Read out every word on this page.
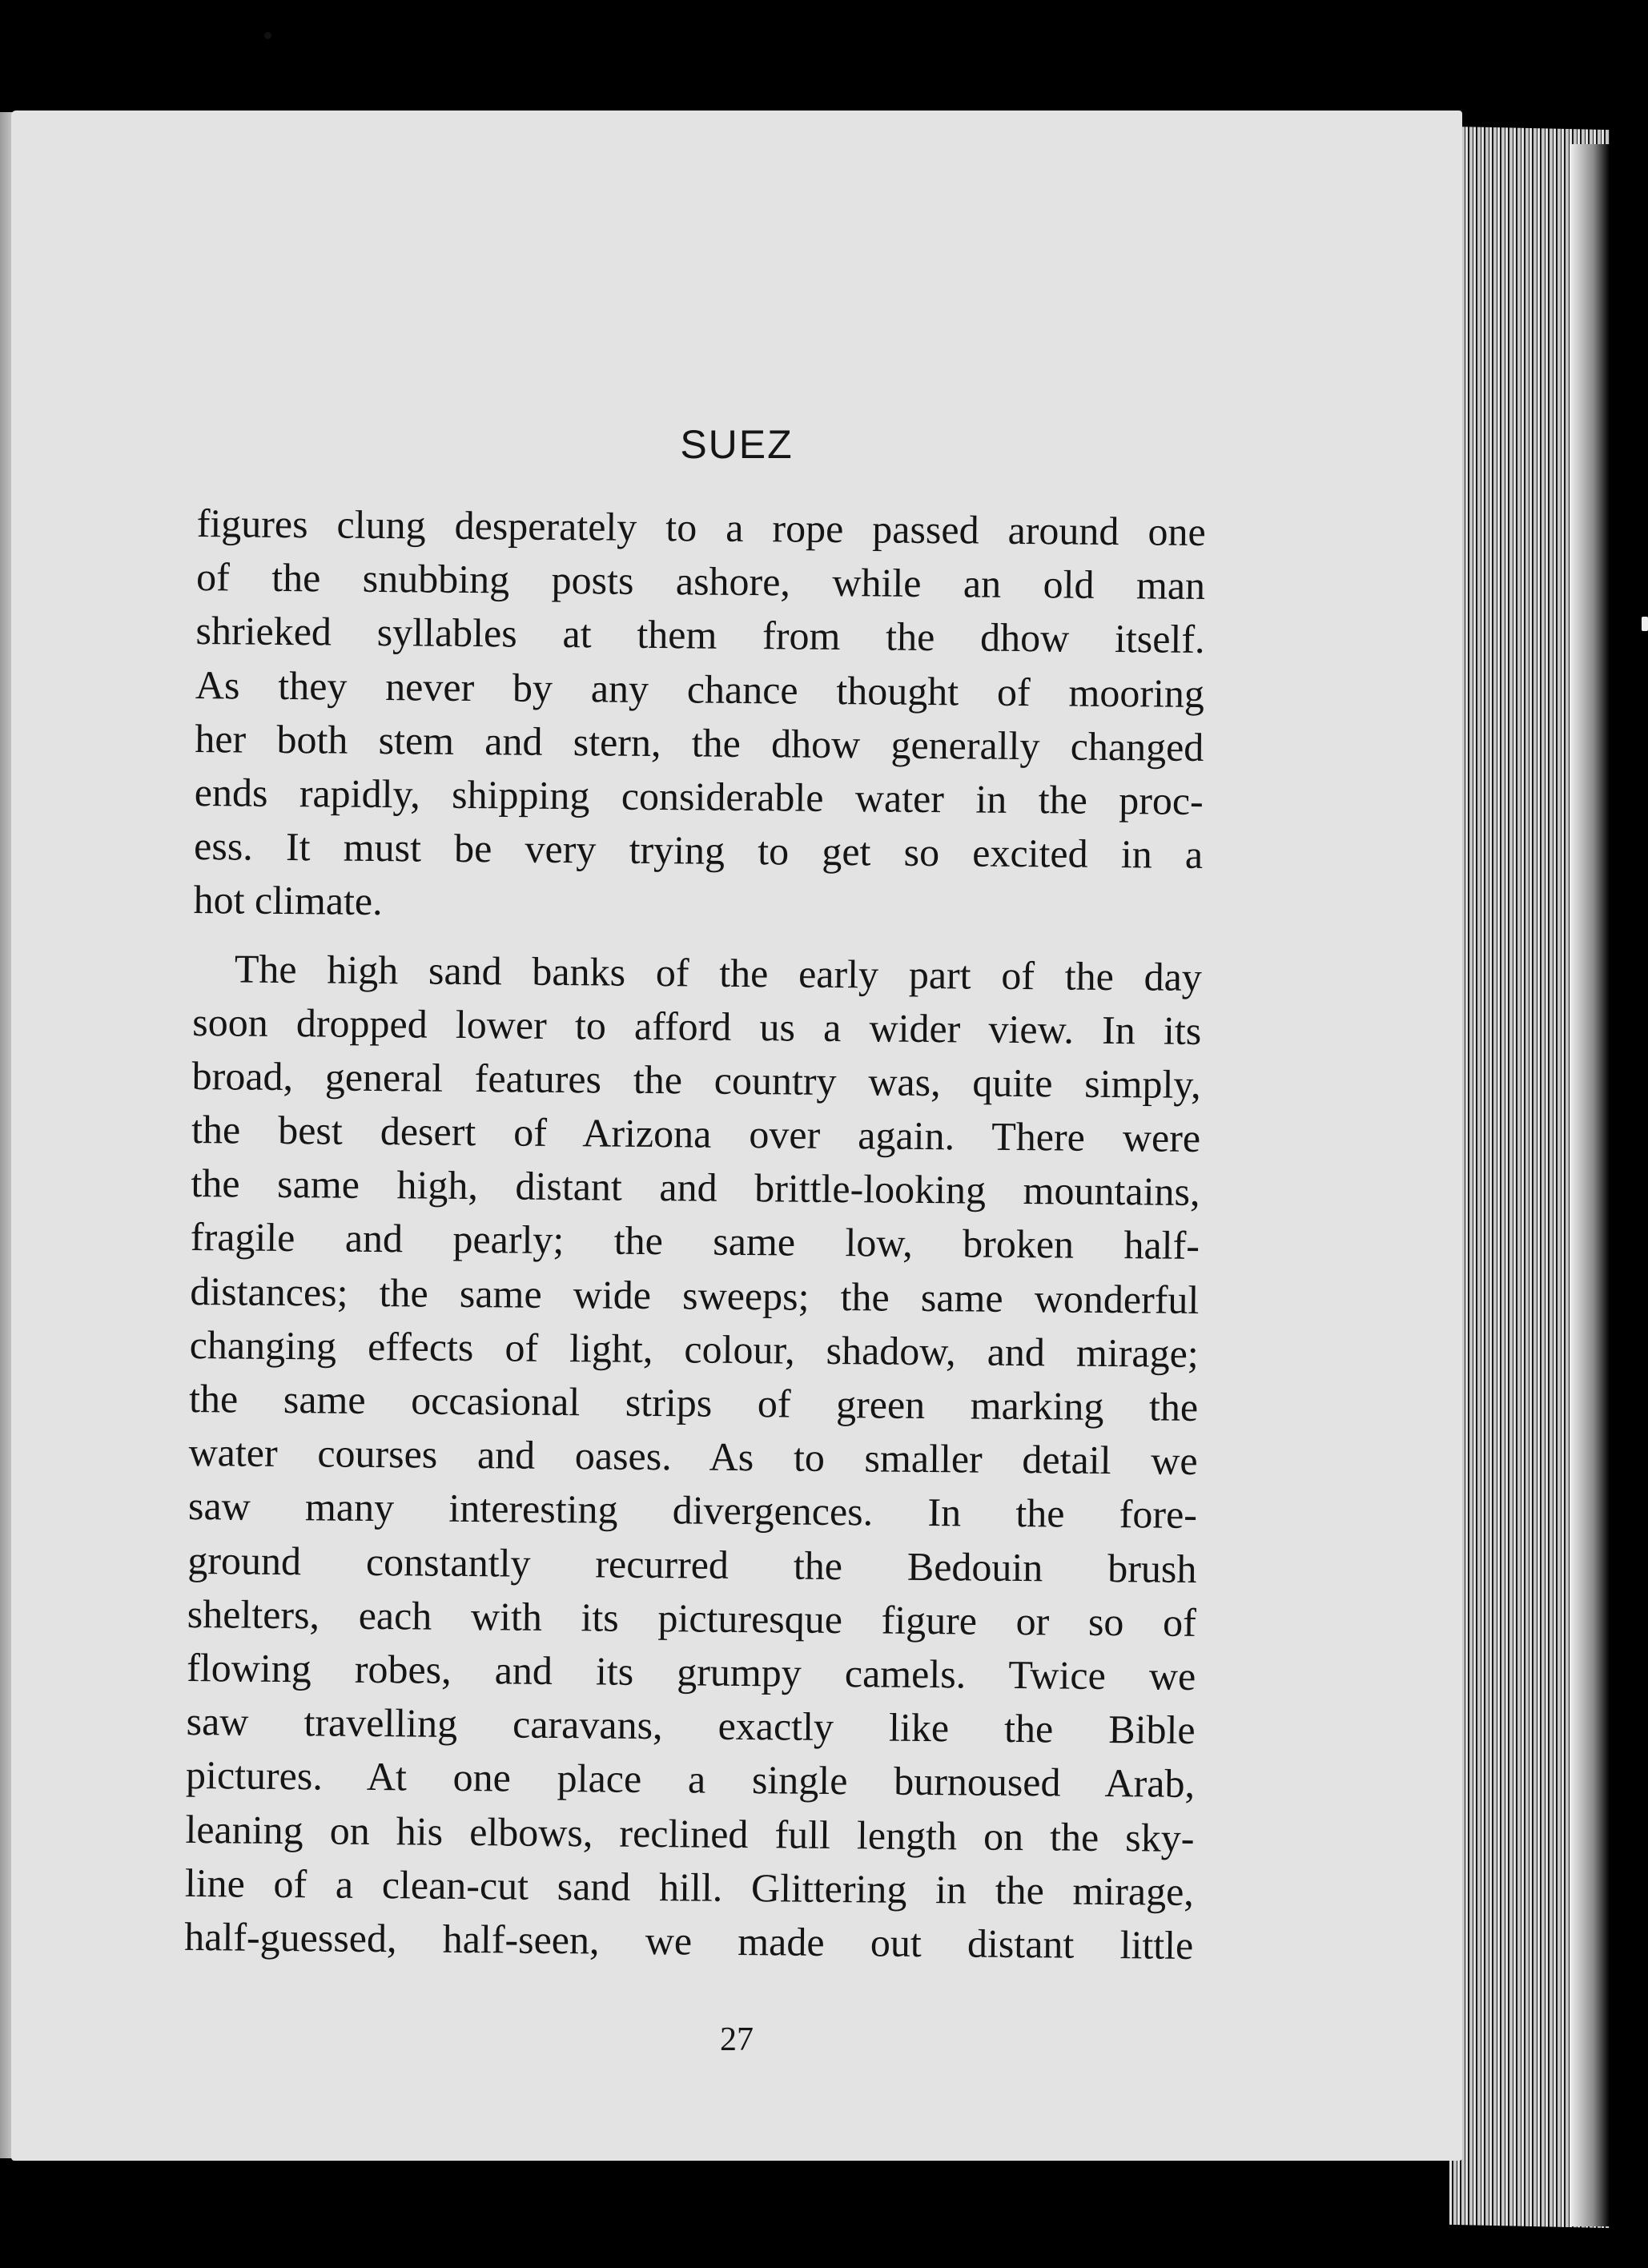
SUEZ
figures clung desperately to a rope passed around one
of the snubbing posts ashore, while an old man
shrieked syllables at them from the dhow itself.
As they never by any chance thought of mooring
her both stem and stern, the dhow generally changed
ends rapidly, shipping considerable water in the proc-
ess. It must be very trying to get so excited in a
hot climate.
The high sand banks of the early part of the day
soon dropped lower to afford us a wider view. In its
broad, general features the country was, quite simply,
the best desert of Arizona over again. There were
the same high, distant and brittle-looking mountains,
fragile and pearly; the same low, broken half-
distances; the same wide sweeps; the same wonderful
changing effects of light, colour, shadow, and mirage;
the same occasional strips of green marking the
water courses and oases. As to smaller detail we
saw many interesting divergences. In the fore-
ground constantly recurred the Bedouin brush
shelters, each with its picturesque figure or so of
flowing robes, and its grumpy camels. Twice we
saw travelling caravans, exactly like the Bible
pictures. At one place a single burnoused Arab,
leaning on his elbows, reclined full length on the sky-
line of a clean-cut sand hill. Glittering in the mirage,
half-guessed, half-seen, we made out distant little
27
